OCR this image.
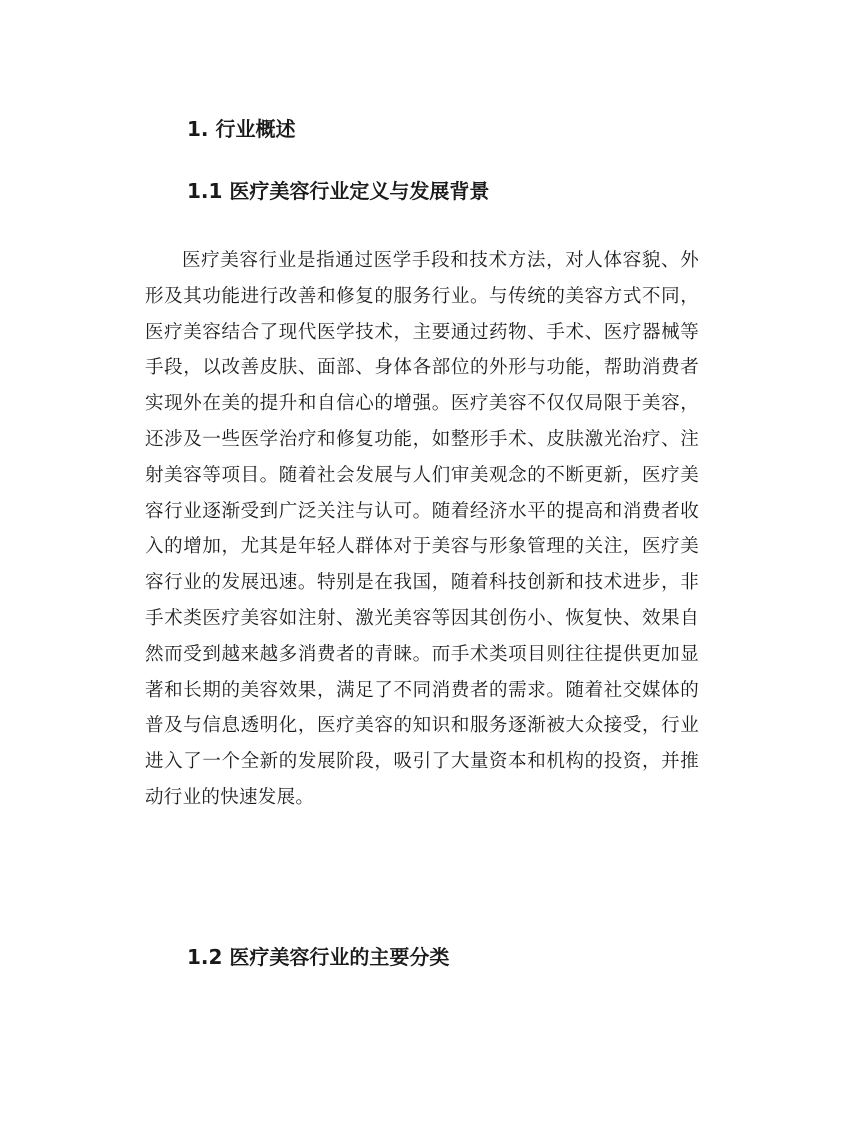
1. 行业概述
1.1 医疗美容行业定义与发展背景

医疗美容行业是指通过医学手段和技术方法，对人体容貌、外形及其功能进行改善和修复的服务行业。与传统的美容方式不同，医疗美容结合了现代医学技术，主要通过药物、手术、医疗器械等手段，以改善皮肤、面部、身体各部位的外形与功能，帮助消费者实现外在美的提升和自信心的增强。医疗美容不仅仅局限于美容，还涉及一些医学治疗和修复功能，如整形手术、皮肤激光治疗、注射美容等项目。随着社会发展与人们审美观念的不断更新，医疗美容行业逐渐受到广泛关注与认可。随着经济水平的提高和消费者收入的增加，尤其是年轻人群体对于美容与形象管理的关注，医疗美容行业的发展迅速。特别是在我国，随着科技创新和技术进步，非手术类医疗美容如注射、激光美容等因其创伤小、恢复快、效果自然而受到越来越多消费者的青睐。而手术类项目则往往提供更加显著和长期的美容效果，满足了不同消费者的需求。随着社交媒体的普及与信息透明化，医疗美容的知识和服务逐渐被大众接受，行业进入了一个全新的发展阶段，吸引了大量资本和机构的投资，并推动行业的快速发展。

1.2 医疗美容行业的主要分类
